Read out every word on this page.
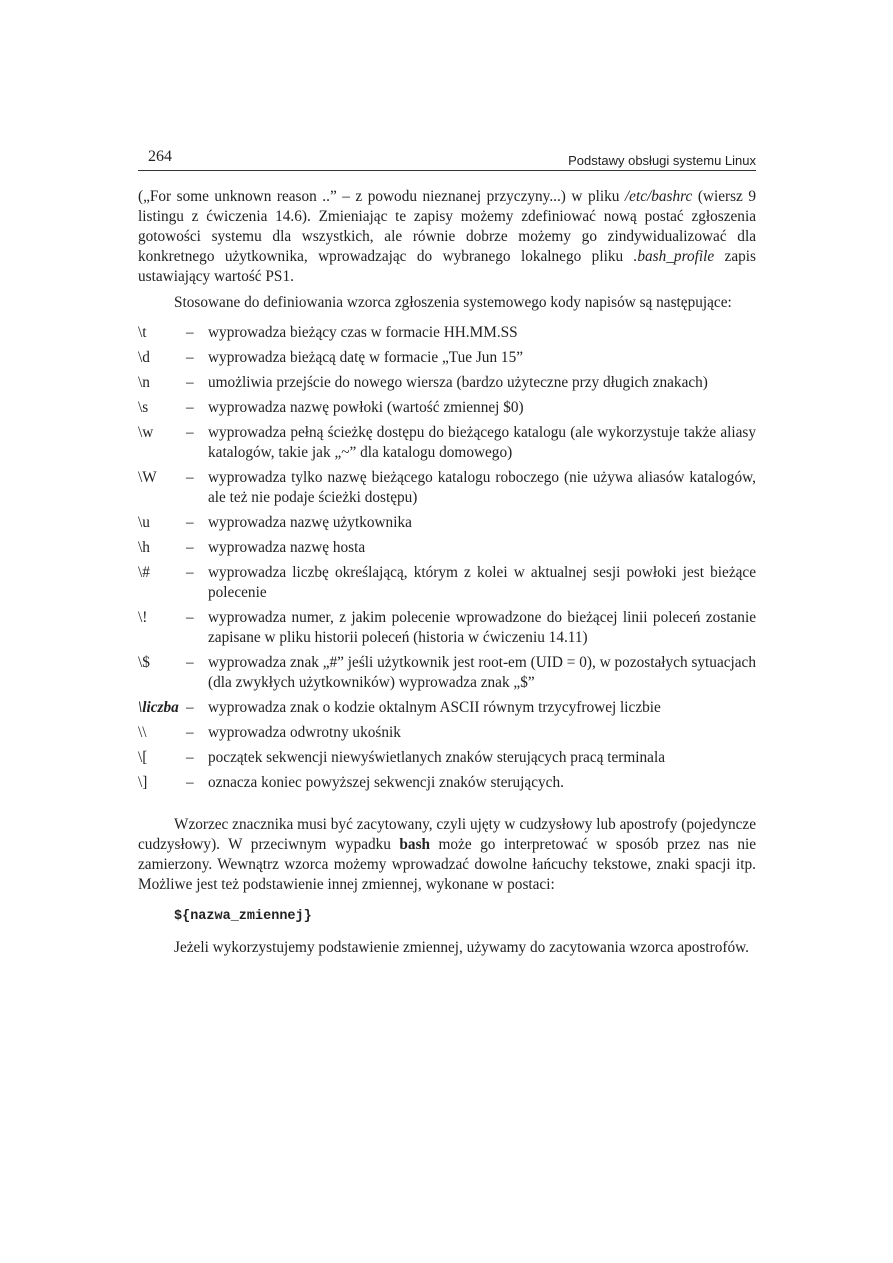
264	Podstawy obsługi systemu Linux

(„For some unknown reason ..” – z powodu nieznanej przyczyny...) w pliku /etc/bashrc (wiersz 9 listingu z ćwiczenia 14.6). Zmieniając te zapisy możemy zdefiniować nową postać zgłoszenia gotowości systemu dla wszystkich, ale równie dobrze możemy go zindywidualizować dla konkretnego użytkownika, wprowadzając do wybranego lokalnego pliku .bash_profile zapis ustawiający wartość PS1.

Stosowane do definiowania wzorca zgłoszenia systemowego kody napisów są następujące:

\t	– wyprowadza bieżący czas w formacie HH.MM.SS
\d	– wyprowadza bieżącą datę w formacie „Tue Jun 15”
\n	– umożliwia przejście do nowego wiersza (bardzo użyteczne przy długich znakach)
\s	– wyprowadza nazwę powłoki (wartość zmiennej $0)
\w	– wyprowadza pełną ścieżkę dostępu do bieżącego katalogu (ale wykorzystuje także aliasy katalogów, takie jak „~” dla katalogu domowego)
\W	– wyprowadza tylko nazwę bieżącego katalogu roboczego (nie używa aliasów katalogów, ale też nie podaje ścieżki dostępu)
\u	– wyprowadza nazwę użytkownika
\h	– wyprowadza nazwę hosta
\#	– wyprowadza liczbę określającą, którym z kolei w aktualnej sesji powłoki jest bieżące polecenie
\!	– wyprowadza numer, z jakim polecenie wprowadzone do bieżącej linii poleceń zostanie zapisane w pliku historii poleceń (historia w ćwiczeniu 14.11)
\$	– wyprowadza znak „#” jeśli użytkownik jest root-em (UID = 0), w pozostałych sytuacjach (dla zwykłych użytkowników) wyprowadza znak „$”
\liczba – wyprowadza znak o kodzie oktalnym ASCII równym trzycyfrowej liczbie
\\	– wyprowadza odwrotny ukośnik
\[	– początek sekwencji niewyświetlanych znaków sterujących pracą terminala
\]	– oznacza koniec powyższej sekwencji znaków sterujących.

Wzorzec znacznika musi być zacytowany, czyli ujęty w cudzysłowy lub apostrofy (pojedyncze cudzysłowy). W przeciwnym wypadku bash może go interpretować w sposób przez nas nie zamierzony. Wewnątrz wzorca możemy wprowadzać dowolne łańcuchy tekstowe, znaki spacji itp. Możliwe jest też podstawienie innej zmiennej, wykonane w postaci:

${nazwa_zmiennej}

Jeżeli wykorzystujemy podstawienie zmiennej, używamy do zacytowania wzorca apostrofów.
